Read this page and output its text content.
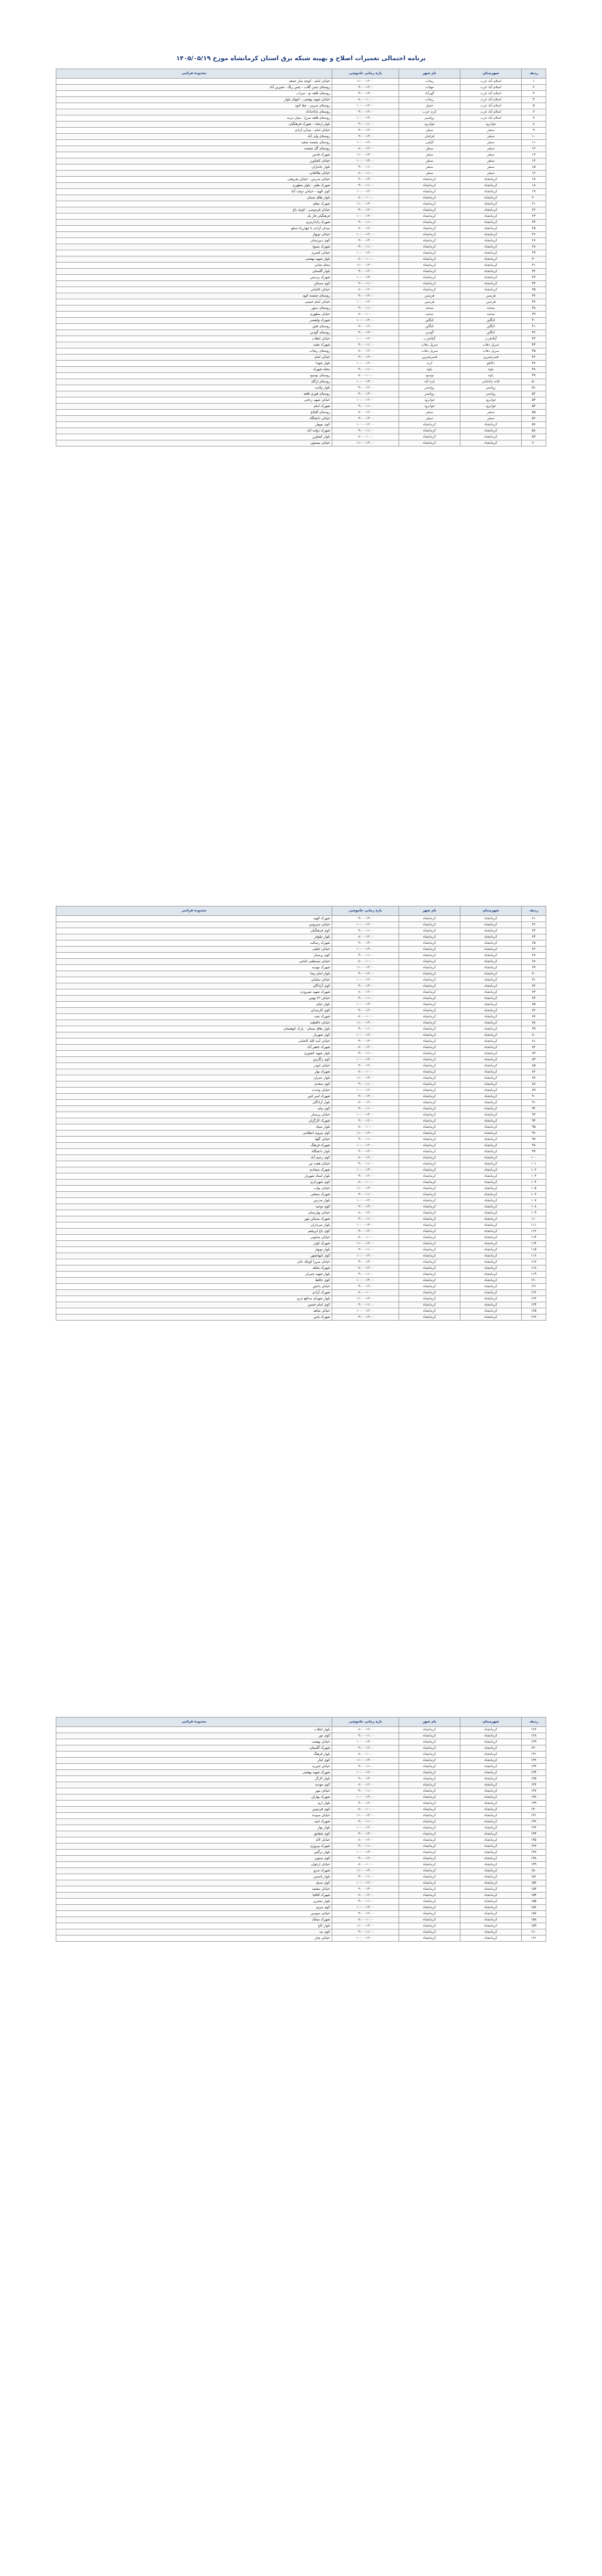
برنامه احتمالی تعمیرات اصلاح و بهینه شبکه برق استان کرمانشاه مورخ ۱۴۰۵/۰۵/۱۹
ردیف	شهرستان	نام شهر	بازه زمانی خاموشی	محدوده قرائتی
۱	اسلام آباد غرب	ریجاب	۱۱:۰۰-۱۲:۰۰	خیابان امام - کوچه نماز جمعه
۲	اسلام آباد غرب	مهتاب	۰۹:۰۰-۱۳:۰۰	روستای چمن گلاب - چمن زنگ - شیرین آباد
۳	اسلام آباد غرب	گهرآباد	۰۹:۰۰-۱۳:۰۰	روستای قلعه نو - سراب
۴	اسلام آباد غرب	ریجاب	۰۸:۰۰-۱۰:۰۰	خیابان شهید بهشتی - انتهای بلوار
۵	اسلام آباد غرب	حمیل	۱۰:۰۰-۱۲:۰۰	روستای سرپیر - چغا کبود
۶	اسلام آباد غرب	کرند غرب	۰۹:۰۰-۱۲:۰۰	روستای باباخداداد
۷	اسلام آباد غرب	روانسر	۱۰:۰۰-۱۴:۰۰	روستای قلعه سرخ - میان دربند
۸	جوانرود	جوانرود	۰۹:۰۰-۱۱:۰۰	بلوار ارشاد - شهرک فرهنگیان
۹	سنقر	سنقر	۰۹:۰۰-۱۲:۰۰	خیابان امام - میدان آزادی
۱۰	سنقر	فرامان	۰۹:۰۰-۱۳:۰۰	روستای ولی آباد
۱۱	سنقر	کلیایی	۱۰:۰۰-۱۲:۰۰	روستای چشمه سفید
۱۲	سنقر	سطر	۰۸:۰۰-۱۲:۰۰	روستای گل چشمه
۱۳	سنقر	سنقر	۱۱:۰۰-۱۳:۰۰	شهرک قدس
۱۴	سنقر	سنقر	۱۰:۰۰-۱۴:۰۰	خیابان کشاورز
۱۵	سنقر	سنقر	۰۹:۰۰-۱۱:۰۰	بلوار جانبازان
۱۶	سنقر	سنقر	۰۸:۰۰-۱۱:۰۰	خیابان طالقانی
۱۷	کرمانشاه	کرمانشاه	۰۹:۰۰-۱۳:۰۰	خیابان مدرس - خیابان شریعتی
۱۸	کرمانشاه	کرمانشاه	۰۹:۰۰-۱۱:۰۰	شهرک ظفر - بلوار مطهری
۱۹	کرمانشاه	کرمانشاه	۱۰:۰۰-۱۲:۰۰	کوی الهیه - خیابان دولت آباد
۲۰	کرمانشاه	کرمانشاه	۰۸:۰۰-۱۰:۰۰	بلوار طاق بستان
۲۱	کرمانشاه	کرمانشاه	۱۱:۰۰-۱۳:۰۰	شهرک معلم
۲۲	کرمانشاه	کرمانشاه	۰۹:۰۰-۱۲:۰۰	خیابان فردوسی - کوچه باغ
۲۳	کرمانشاه	کرمانشاه	۱۰:۰۰-۱۴:۰۰	فرهنگیان فاز یک
۲۴	کرمانشاه	کرمانشاه	۰۹:۰۰-۱۱:۰۰	شهرک ژاندارمری
۲۵	کرمانشاه	کرمانشاه	۰۸:۰۰-۱۲:۰۰	میدان آزادی تا چهارراه سیلو
۲۶	کرمانشاه	کرمانشاه	۱۰:۰۰-۱۲:۰۰	خیابان نوبهار
۲۷	کرمانشاه	کرمانشاه	۰۹:۰۰-۱۳:۰۰	کوی دبیرستان
۲۸	کرمانشاه	کرمانشاه	۰۹:۰۰-۱۱:۰۰	شهرک بسیج
۲۹	کرمانشاه	کرمانشاه	۱۰:۰۰-۱۲:۰۰	خیابان کسری
۳۰	کرمانشاه	کرمانشاه	۰۸:۰۰-۱۰:۰۰	بلوار شهید بهشتی
۳۱	کرمانشاه	کرمانشاه	۱۱:۰۰-۱۳:۰۰	محله چنانی
۳۲	کرمانشاه	کرمانشاه	۰۹:۰۰-۱۲:۰۰	بلوار گلستان
۳۳	کرمانشاه	کرمانشاه	۱۰:۰۰-۱۴:۰۰	شهرک پردیس
۳۴	کرمانشاه	کرمانشاه	۰۹:۰۰-۱۱:۰۰	کوی مسکن
۳۵	کرمانشاه	کرمانشاه	۰۸:۰۰-۱۲:۰۰	خیابان کاشانی
۳۶	هرسین	هرسین	۰۹:۰۰-۱۳:۰۰	روستای چشمه کبود
۳۷	هرسین	هرسین	۱۰:۰۰-۱۲:۰۰	خیابان امام خمینی
۳۸	صحنه	صحنه	۰۹:۰۰-۱۱:۰۰	روستای دینور
۳۹	صحنه	صحنه	۰۸:۰۰-۱۰:۰۰	خیابان مطهری
۴۰	کنگاور	کنگاور	۱۰:۰۰-۱۴:۰۰	شهرک ولیعصر
۴۱	کنگاور	کنگاور	۰۹:۰۰-۱۲:۰۰	روستای فش
۴۲	کنگاور	گودین	۰۹:۰۰-۱۳:۰۰	روستای گودین
۴۳	گیلانغرب	گیلانغرب	۱۰:۰۰-۱۲:۰۰	خیابان انقلاب
۴۴	سرپل ذهاب	سرپل ذهاب	۰۹:۰۰-۱۱:۰۰	شهرک بعثت
۴۵	سرپل ذهاب	سرپل ذهاب	۰۸:۰۰-۱۲:۰۰	روستای ریجاب
۴۶	قصرشیرین	قصرشیرین	۰۹:۰۰-۱۳:۰۰	خیابان امام
۴۷	دالاهو	کرند	۱۰:۰۰-۱۲:۰۰	بلوار شهدا
۴۸	پاوه	پاوه	۰۹:۰۰-۱۱:۰۰	محله شهرک
۴۹	پاوه	نوسود	۰۸:۰۰-۱۰:۰۰	روستای نوسود
۵۰	ثلاث باباجانی	تازه آباد	۱۰:۰۰-۱۴:۰۰	روستای ازگله
۵۱	روانسر	روانسر	۰۹:۰۰-۱۲:۰۰	بلوار ولایت
۵۲	روانسر	روانسر	۰۹:۰۰-۱۳:۰۰	روستای قوری قلعه
۵۳	جوانرود	جوانرود	۱۰:۰۰-۱۲:۰۰	خیابان شهید رجایی
۵۴	جوانرود	جوانرود	۰۹:۰۰-۱۱:۰۰	شهرک امام
۵۵	سنقر	سنقر	۰۸:۰۰-۱۲:۰۰	روستای آقبلاغ
۵۶	سنقر	سنقر	۰۹:۰۰-۱۳:۰۰	خیابان دانشگاه
۵۷	کرمانشاه	کرمانشاه	۱۰:۰۰-۱۲:۰۰	کوی نوبهار
۵۸	کرمانشاه	کرمانشاه	۰۹:۰۰-۱۱:۰۰	شهرک دولت آباد
۵۹	کرمانشاه	کرمانشاه	۰۸:۰۰-۱۰:۰۰	بلوار کشاورز
۶۰	کرمانشاه	کرمانشاه	۱۱:۰۰-۱۳:۰۰	خیابان بیستون
ردیف	شهرستان	نام شهر	بازه زمانی خاموشی	محدوده قرائتی
۶۱	کرمانشاه	کرمانشاه	۰۹:۰۰-۱۳:۰۰	شهرک الهیه
۶۲	کرمانشاه	کرمانشاه	۱۰:۰۰-۱۲:۰۰	خیابان سیروس
۶۳	کرمانشاه	کرمانشاه	۰۹:۰۰-۱۱:۰۰	کوی فرهنگیان
۶۴	کرمانشاه	کرمانشاه	۰۸:۰۰-۱۲:۰۰	بلوار نیلوفر
۶۵	کرمانشاه	کرمانشاه	۰۹:۰۰-۱۳:۰۰	شهرک رسالت
۶۶	کرمانشاه	کرمانشاه	۱۰:۰۰-۱۴:۰۰	خیابان جلیلی
۶۷	کرمانشاه	کرمانشاه	۰۹:۰۰-۱۱:۰۰	کوی پرستار
۶۸	کرمانشاه	کرمانشاه	۰۸:۰۰-۱۰:۰۰	خیابان مصطفی امامی
۶۹	کرمانشاه	کرمانشاه	۱۱:۰۰-۱۳:۰۰	شهرک مهدیه
۷۰	کرمانشاه	کرمانشاه	۰۹:۰۰-۱۲:۰۰	بلوار امام رضا
۷۱	کرمانشاه	کرمانشاه	۱۰:۰۰-۱۲:۰۰	خیابان سلمان
۷۲	کرمانشاه	کرمانشاه	۰۹:۰۰-۱۳:۰۰	کوی آزادگان
۷۳	کرمانشاه	کرمانشاه	۰۸:۰۰-۱۲:۰۰	شهرک شهید شیرودی
۷۴	کرمانشاه	کرمانشاه	۰۹:۰۰-۱۱:۰۰	خیابان ۲۲ بهمن
۷۵	کرمانشاه	کرمانشاه	۱۰:۰۰-۱۴:۰۰	بلوار خیام
۷۶	کرمانشاه	کرمانشاه	۰۹:۰۰-۱۲:۰۰	کوی کارمندان
۷۷	کرمانشاه	کرمانشاه	۰۸:۰۰-۱۰:۰۰	شهرک نفت
۷۸	کرمانشاه	کرمانشاه	۱۱:۰۰-۱۳:۰۰	خیابان حافظیه
۷۹	کرمانشاه	کرمانشاه	۰۹:۰۰-۱۱:۰۰	بلوار طاق بستان - پارک کوهستان
۸۰	کرمانشاه	کرمانشاه	۱۰:۰۰-۱۲:۰۰	کوی شهریار
۸۱	کرمانشاه	کرمانشاه	۰۹:۰۰-۱۳:۰۰	خیابان آیت الله کاشانی
۸۲	کرمانشاه	کرمانشاه	۰۸:۰۰-۱۲:۰۰	شهرک جعفر آباد
۸۳	کرمانشاه	کرمانشاه	۰۹:۰۰-۱۱:۰۰	بلوار شهید کشوری
۸۴	کرمانشاه	کرمانشاه	۱۰:۰۰-۱۴:۰۰	کوی زاگرس
۸۵	کرمانشاه	کرمانشاه	۰۹:۰۰-۱۲:۰۰	خیابان ابوذر
۸۶	کرمانشاه	کرمانشاه	۰۸:۰۰-۱۰:۰۰	شهرک بهار
۸۷	کرمانشاه	کرمانشاه	۱۱:۰۰-۱۳:۰۰	بلوار عمران
۸۸	کرمانشاه	کرمانشاه	۰۹:۰۰-۱۱:۰۰	کوی سعدی
۸۹	کرمانشاه	کرمانشاه	۱۰:۰۰-۱۲:۰۰	خیابان وحدت
۹۰	کرمانشاه	کرمانشاه	۰۹:۰۰-۱۳:۰۰	شهرک امیر کبیر
۹۱	کرمانشاه	کرمانشاه	۰۸:۰۰-۱۲:۰۰	بلوار آزادگان
۹۲	کرمانشاه	کرمانشاه	۰۹:۰۰-۱۱:۰۰	کوی پیام
۹۳	کرمانشاه	کرمانشاه	۱۰:۰۰-۱۴:۰۰	خیابان پرستار
۹۴	کرمانشاه	کرمانشاه	۰۹:۰۰-۱۲:۰۰	شهرک کارگران
۹۵	کرمانشاه	کرمانشاه	۰۸:۰۰-۱۰:۰۰	بلوار سپاه
۹۶	کرمانشاه	کرمانشاه	۱۱:۰۰-۱۳:۰۰	کوی نیروی انتظامی
۹۷	کرمانشاه	کرمانشاه	۰۹:۰۰-۱۱:۰۰	خیابان گلها
۹۸	کرمانشاه	کرمانشاه	۱۰:۰۰-۱۲:۰۰	شهرک فرهنگ
۹۹	کرمانشاه	کرمانشاه	۰۹:۰۰-۱۳:۰۰	بلوار دانشگاه
۱۰۰	کرمانشاه	کرمانشاه	۰۸:۰۰-۱۲:۰۰	کوی رحیم آباد
۱۰۱	کرمانشاه	کرمانشاه	۰۹:۰۰-۱۱:۰۰	خیابان هفت تیر
۱۰۲	کرمانشاه	کرمانشاه	۱۰:۰۰-۱۴:۰۰	شهرک سجادیه
۱۰۳	کرمانشاه	کرمانشاه	۰۹:۰۰-۱۲:۰۰	بلوار استاد شهریار
۱۰۴	کرمانشاه	کرمانشاه	۰۸:۰۰-۱۰:۰۰	کوی شهرداری
۱۰۵	کرمانشاه	کرمانشاه	۱۱:۰۰-۱۳:۰۰	خیابان نواب
۱۰۶	کرمانشاه	کرمانشاه	۰۹:۰۰-۱۱:۰۰	شهرک صنعتی
۱۰۷	کرمانشاه	کرمانشاه	۱۰:۰۰-۱۲:۰۰	بلوار مدرس
۱۰۸	کرمانشاه	کرمانشاه	۰۹:۰۰-۱۳:۰۰	کوی توحید
۱۰۹	کرمانشاه	کرمانشاه	۰۸:۰۰-۱۲:۰۰	خیابان بهارستان
۱۱۰	کرمانشاه	کرمانشاه	۰۹:۰۰-۱۱:۰۰	شهرک مسکن مهر
۱۱۱	کرمانشاه	کرمانشاه	۱۰:۰۰-۱۴:۰۰	بلوار سرداران
۱۱۲	کرمانشاه	کرمانشاه	۰۹:۰۰-۱۲:۰۰	کوی باغ ابریشم
۱۱۳	کرمانشاه	کرمانشاه	۰۸:۰۰-۱۰:۰۰	خیابان صابونی
۱۱۴	کرمانشاه	کرمانشاه	۱۱:۰۰-۱۳:۰۰	شهرک کوثر
۱۱۵	کرمانشاه	کرمانشاه	۰۹:۰۰-۱۱:۰۰	بلوار نوبهار
۱۱۶	کرمانشاه	کرمانشاه	۱۰:۰۰-۱۲:۰۰	کوی کیهانشهر
۱۱۷	کرمانشاه	کرمانشاه	۰۹:۰۰-۱۳:۰۰	خیابان میرزا کوچک خان
۱۱۸	کرمانشاه	کرمانشاه	۰۸:۰۰-۱۲:۰۰	شهرک شاهد
۱۱۹	کرمانشاه	کرمانشاه	۰۹:۰۰-۱۱:۰۰	بلوار شهید چمران
۱۲۰	کرمانشاه	کرمانشاه	۱۰:۰۰-۱۴:۰۰	کوی حافظ
۱۲۱	کرمانشاه	کرمانشاه	۰۹:۰۰-۱۲:۰۰	خیابان دانش
۱۲۲	کرمانشاه	کرمانشاه	۰۸:۰۰-۱۰:۰۰	شهرک آزادی
۱۲۳	کرمانشاه	کرمانشاه	۱۱:۰۰-۱۳:۰۰	بلوار شهدای مدافع حرم
۱۲۴	کرمانشاه	کرمانشاه	۰۹:۰۰-۱۱:۰۰	کوی امام حسین
۱۲۵	کرمانشاه	کرمانشاه	۱۰:۰۰-۱۲:۰۰	خیابان شاهد
۱۲۶	کرمانشاه	کرمانشاه	۰۹:۰۰-۱۳:۰۰	شهرک یاس
ردیف	شهرستان	نام شهر	بازه زمانی خاموشی	محدوده قرائتی
۱۲۷	کرمانشاه	کرمانشاه	۰۸:۰۰-۱۲:۰۰	بلوار انقلاب
۱۲۸	کرمانشاه	کرمانشاه	۰۹:۰۰-۱۱:۰۰	کوی نور
۱۲۹	کرمانشاه	کرمانشاه	۱۰:۰۰-۱۴:۰۰	خیابان بهشت
۱۳۰	کرمانشاه	کرمانشاه	۰۹:۰۰-۱۲:۰۰	شهرک گلستان
۱۳۱	کرمانشاه	کرمانشاه	۰۸:۰۰-۱۰:۰۰	بلوار فرهنگ
۱۳۲	کرمانشاه	کرمانشاه	۱۱:۰۰-۱۳:۰۰	کوی ایثار
۱۳۳	کرمانشاه	کرمانشاه	۰۹:۰۰-۱۱:۰۰	خیابان امیریه
۱۳۴	کرمانشاه	کرمانشاه	۱۰:۰۰-۱۲:۰۰	شهرک شهید بهشتی
۱۳۵	کرمانشاه	کرمانشاه	۰۹:۰۰-۱۳:۰۰	بلوار کارگر
۱۳۶	کرمانشاه	کرمانشاه	۰۸:۰۰-۱۲:۰۰	کوی مهدیه
۱۳۷	کرمانشاه	کرمانشاه	۰۹:۰۰-۱۱:۰۰	خیابان مهر
۱۳۸	کرمانشاه	کرمانشاه	۱۰:۰۰-۱۴:۰۰	شهرک بهاران
۱۳۹	کرمانشاه	کرمانشاه	۰۹:۰۰-۱۲:۰۰	بلوار ارم
۱۴۰	کرمانشاه	کرمانشاه	۰۸:۰۰-۱۰:۰۰	کوی فردوس
۱۴۱	کرمانشاه	کرمانشاه	۱۱:۰۰-۱۳:۰۰	خیابان سپیده
۱۴۲	کرمانشاه	کرمانشاه	۰۹:۰۰-۱۱:۰۰	شهرک امید
۱۴۳	کرمانشاه	کرمانشاه	۱۰:۰۰-۱۲:۰۰	بلوار بهار
۱۴۴	کرمانشاه	کرمانشاه	۰۹:۰۰-۱۳:۰۰	کوی شقایق
۱۴۵	کرمانشاه	کرمانشاه	۰۸:۰۰-۱۲:۰۰	خیابان لاله
۱۴۶	کرمانشاه	کرمانشاه	۰۹:۰۰-۱۱:۰۰	شهرک پیروزی
۱۴۷	کرمانشاه	کرمانشاه	۱۰:۰۰-۱۴:۰۰	بلوار نرگس
۱۴۸	کرمانشاه	کرمانشاه	۰۹:۰۰-۱۲:۰۰	کوی صنوبر
۱۴۹	کرمانشاه	کرمانشاه	۰۸:۰۰-۱۰:۰۰	خیابان ارغوان
۱۵۰	کرمانشاه	کرمانشاه	۱۱:۰۰-۱۳:۰۰	شهرک سرو
۱۵۱	کرمانشاه	کرمانشاه	۰۹:۰۰-۱۱:۰۰	بلوار یاسمن
۱۵۲	کرمانشاه	کرمانشاه	۱۰:۰۰-۱۲:۰۰	کوی سنبل
۱۵۳	کرمانشاه	کرمانشاه	۰۹:۰۰-۱۳:۰۰	خیابان بنفشه
۱۵۴	کرمانشاه	کرمانشاه	۰۸:۰۰-۱۲:۰۰	شهرک اقاقیا
۱۵۵	کرمانشاه	کرمانشاه	۰۹:۰۰-۱۱:۰۰	بلوار نسترن
۱۵۶	کرمانشاه	کرمانشاه	۱۰:۰۰-۱۴:۰۰	کوی مریم
۱۵۷	کرمانشاه	کرمانشاه	۰۹:۰۰-۱۲:۰۰	خیابان سوسن
۱۵۸	کرمانشاه	کرمانشاه	۰۸:۰۰-۱۰:۰۰	شهرک میخک
۱۵۹	کرمانشاه	کرمانشاه	۱۱:۰۰-۱۳:۰۰	بلوار کاج
۱۶۰	کرمانشاه	کرمانشاه	۰۹:۰۰-۱۱:۰۰	کوی بید
۱۶۱	کرمانشاه	کرمانشاه	۱۰:۰۰-۱۲:۰۰	خیابان چنار
